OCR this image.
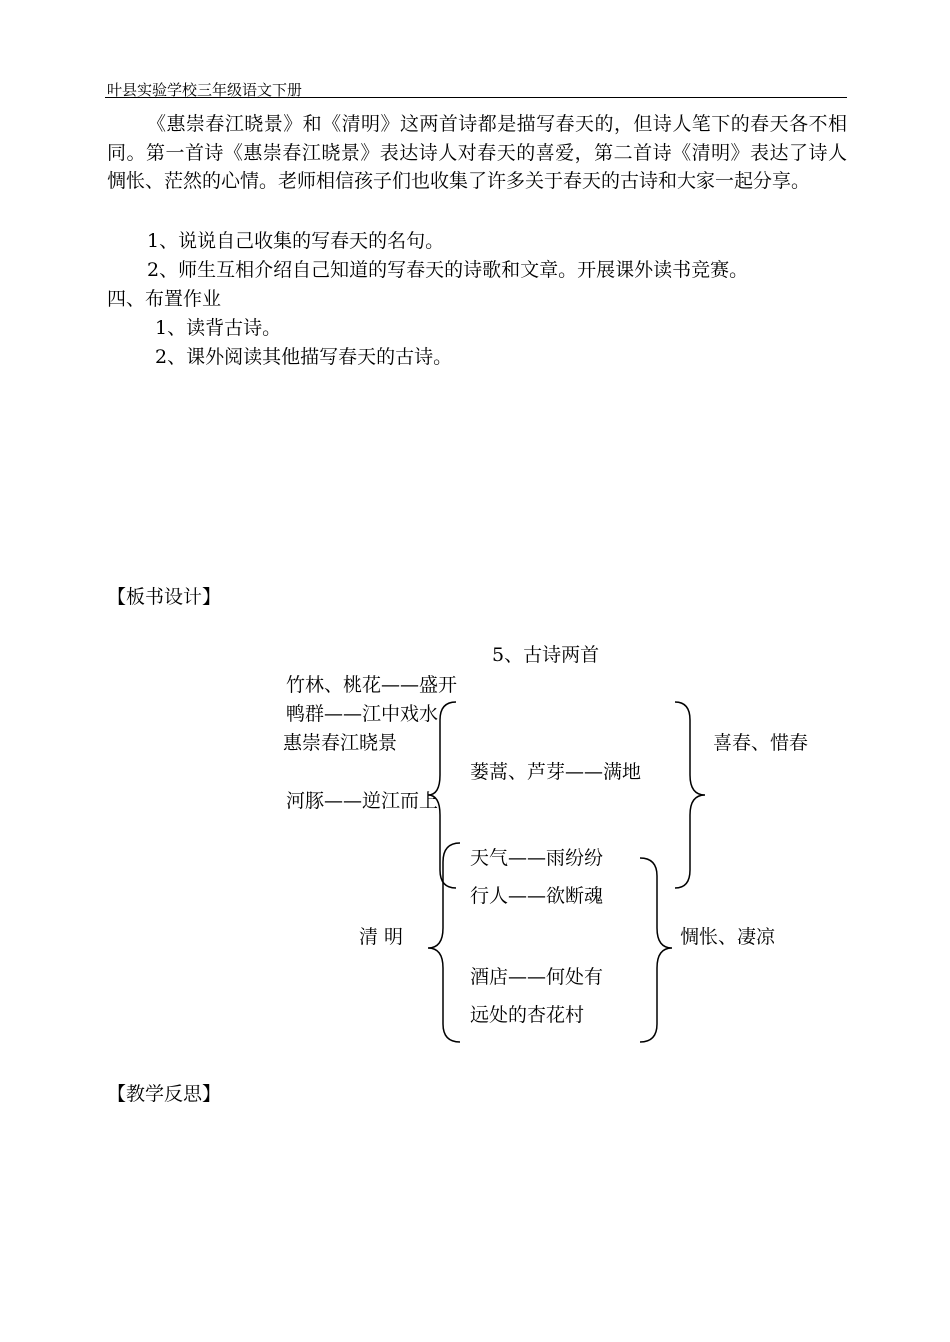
叶县实验学校三年级语文下册
《惠崇春江晓景》和《清明》这两首诗都是描写春天的，但诗人笔下的春天各不相同。第一首诗《惠崇春江晓景》表达诗人对春天的喜爱，第二首诗《清明》表达了诗人惆怅、茫然的心情。老师相信孩子们也收集了许多关于春天的古诗和大家一起分享。
1、说说自己收集的写春天的名句。
2、师生互相介绍自己知道的写春天的诗歌和文章。开展课外读书竞赛。
四、布置作业
1、读背古诗。
2、课外阅读其他描写春天的古诗。
【板书设计】
5、古诗两首
竹林、桃花——盛开
鸭群——江中戏水
惠崇春江晓景
蒌蒿、芦芽——满地
河豚——逆江而上
喜春、惜春
天气——雨纷纷
行人——欲断魂
清 明
酒店——何处有
远处的杏花村
惆怅、凄凉
【教学反思】
